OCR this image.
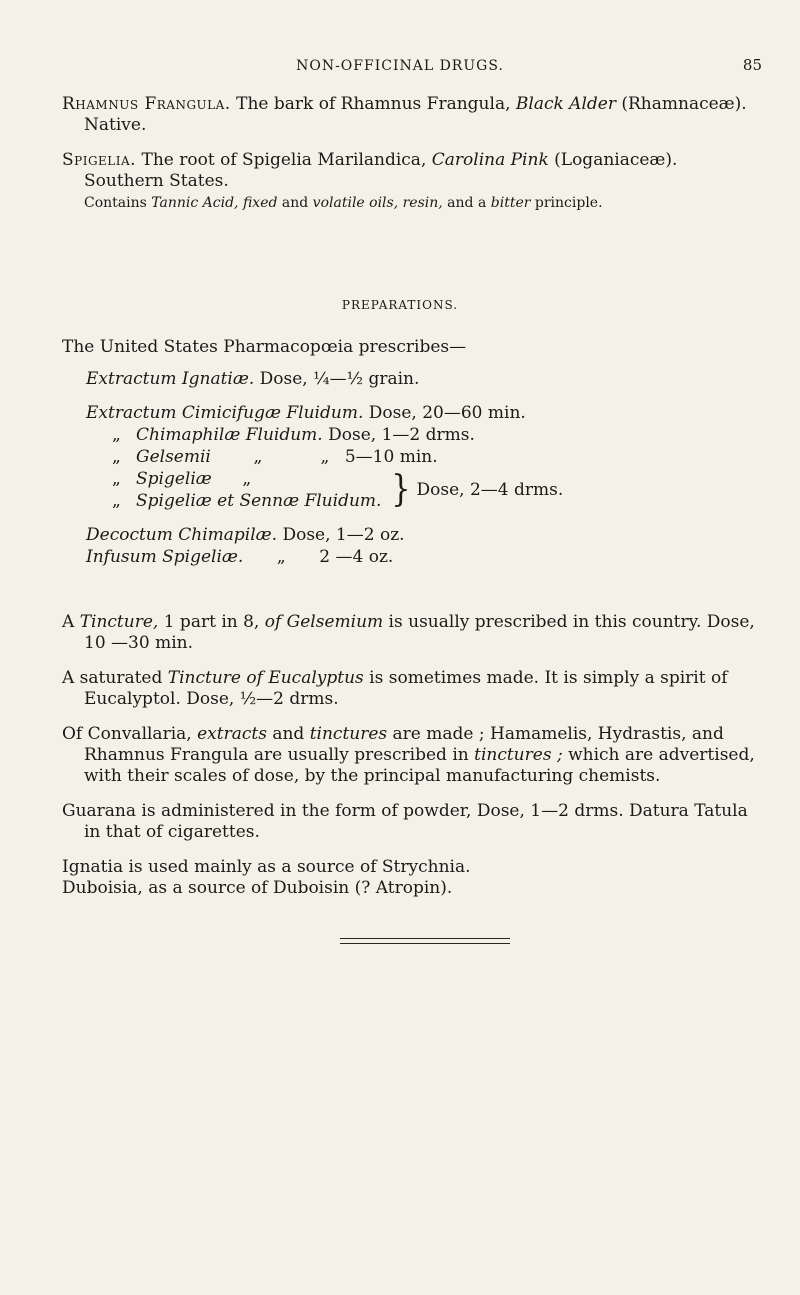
NON-OFFICINAL DRUGS.	85

Rhamnus Frangula. The bark of Rhamnus Frangula, Black Alder (Rhamnaceæ). Native.

Spigelia. The root of Spigelia Marilandica, Carolina Pink (Loganiaceæ). Southern States.

Contains Tannic Acid, fixed and volatile oils, resin, and a bitter principle.

PREPARATIONS.
The United States Pharmacopœia prescribes—
Extractum Ignatiæ. Dose, ¼—½ grain.
Extractum Cimicifugæ Fluidum. Dose, 20—60 min.
„ Chimaphilæ Fluidum. Dose, 1—2 drms.
„ Gelsemii	„	„ 5—10 min.
„ Spigeliæ „
„ Spigeliæ et Sennæ Fluidum. } Dose, 2—4 drms.
Decoctum Chimapilæ. Dose, 1—2 oz.
Infusum Spigeliæ. „ 2 —4 oz.

A Tincture, 1 part in 8, of Gelsemium is usually prescribed in this country. Dose, 10 —30 min.

A saturated Tincture of Eucalyptus is sometimes made. It is simply a spirit of Eucalyptol. Dose, ½—2 drms.

Of Convallaria, extracts and tinctures are made ; Hamamelis, Hydrastis, and Rhamnus Frangula are usually prescribed in tinctures ; which are advertised, with their scales of dose, by the principal manufacturing chemists.

Guarana is administered in the form of powder, Dose, 1—2 drms. Datura Tatula in that of cigarettes.

Ignatia is used mainly as a source of Strychnia.

Duboisia, as a source of Duboisin (? Atropin).
